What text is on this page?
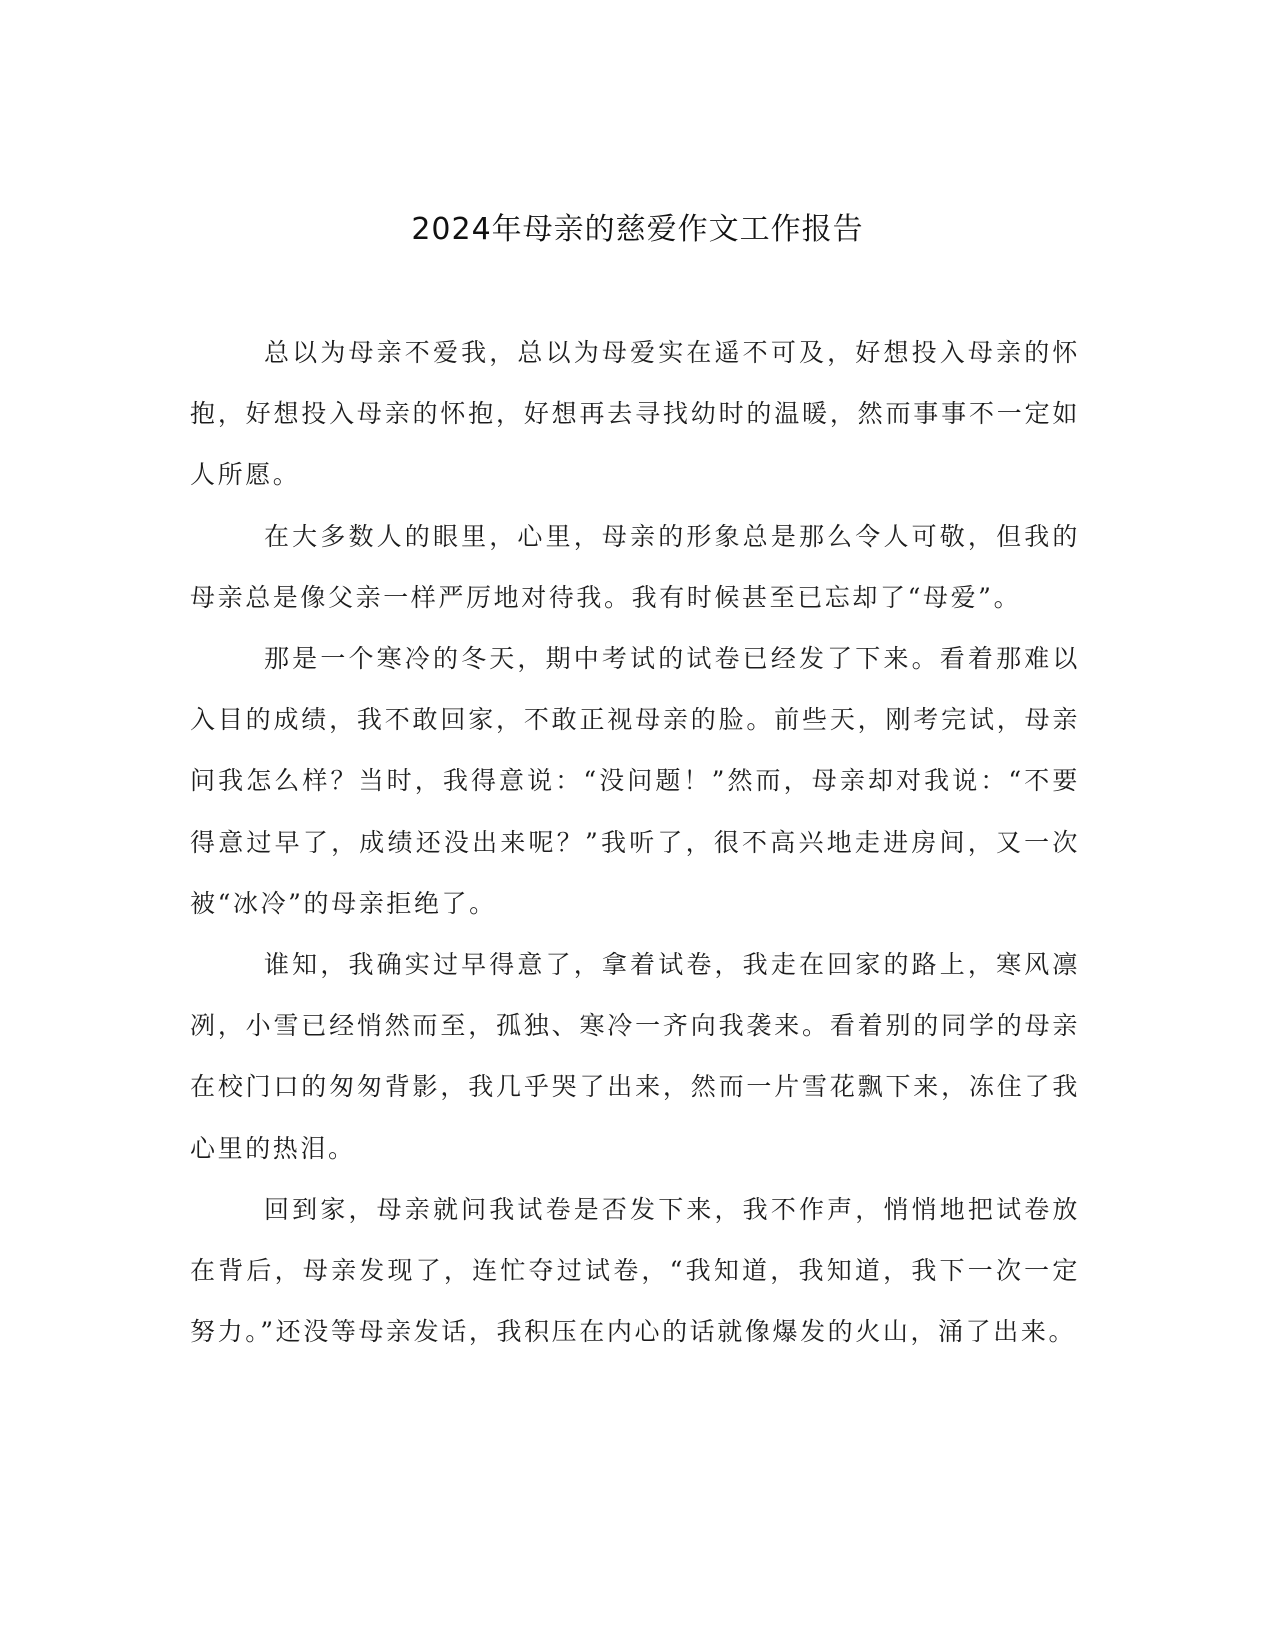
2024年母亲的慈爱作文工作报告

总以为母亲不爱我，总以为母爱实在遥不可及，好想投入母亲的怀抱，好想投入母亲的怀抱，好想再去寻找幼时的温暖，然而事事不一定如人所愿。

在大多数人的眼里，心里，母亲的形象总是那么令人可敬，但我的母亲总是像父亲一样严厉地对待我。我有时候甚至已忘却了“母爱”。

那是一个寒冷的冬天，期中考试的试卷已经发了下来。看着那难以入目的成绩，我不敢回家，不敢正视母亲的脸。前些天，刚考完试，母亲问我怎么样？当时，我得意说：“没问题！”然而，母亲却对我说：“不要得意过早了，成绩还没出来呢？”我听了，很不高兴地走进房间，又一次被“冰冷”的母亲拒绝了。

谁知，我确实过早得意了，拿着试卷，我走在回家的路上，寒风凛冽，小雪已经悄然而至，孤独、寒冷一齐向我袭来。看着别的同学的母亲在校门口的匆匆背影，我几乎哭了出来，然而一片雪花飘下来，冻住了我心里的热泪。

回到家，母亲就问我试卷是否发下来，我不作声，悄悄地把试卷放在背后，母亲发现了，连忙夺过试卷，“我知道，我知道，我下一次一定努力。”还没等母亲发话，我积压在内心的话就像爆发的火山，涌了出来。
